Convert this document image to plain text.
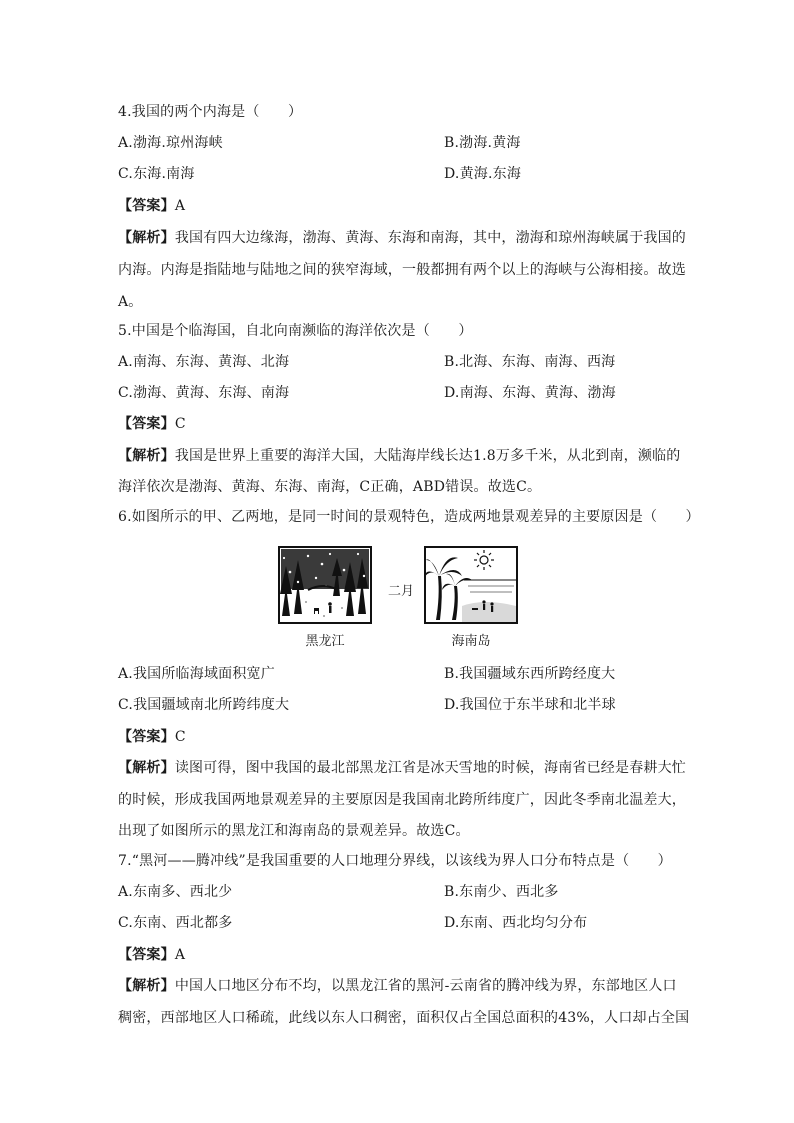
4.我国的两个内海是（　　）
A.渤海.琼州海峡	B.渤海.黄海
C.东海.南海	D.黄海.东海
【答案】A
【解析】我国有四大边缘海，渤海、黄海、东海和南海，其中，渤海和琼州海峡属于我国的
内海。内海是指陆地与陆地之间的狭窄海域，一般都拥有两个以上的海峡与公海相接。故选
A。
5.中国是个临海国，自北向南濒临的海洋依次是（　　）
A.南海、东海、黄海、北海	B.北海、东海、南海、西海
C.渤海、黄海、东海、南海	D.南海、东海、黄海、渤海
【答案】C
【解析】我国是世界上重要的海洋大国，大陆海岸线长达1.8万多千米，从北到南，濒临的
海洋依次是渤海、黄海、东海、南海，C正确，ABD错误。故选C。
6.如图所示的甲、乙两地，是同一时间的景观特色，造成两地景观差异的主要原因是（　　）
二月
黑龙江	海南岛
A.我国所临海域面积宽广	B.我国疆域东西所跨经度大
C.我国疆域南北所跨纬度大	D.我国位于东半球和北半球
【答案】C
【解析】读图可得，图中我国的最北部黑龙江省是冰天雪地的时候，海南省已经是春耕大忙
的时候，形成我国两地景观差异的主要原因是我国南北跨所纬度广，因此冬季南北温差大，
出现了如图所示的黑龙江和海南岛的景观差异。故选C。
7.“黑河——腾冲线”是我国重要的人口地理分界线，以该线为界人口分布特点是（　　）
A.东南多、西北少	B.东南少、西北多
C.东南、西北都多	D.东南、西北均匀分布
【答案】A
【解析】中国人口地区分布不均，以黑龙江省的黑河-云南省的腾冲线为界，东部地区人口
稠密，西部地区人口稀疏，此线以东人口稠密，面积仅占全国总面积的43%，人口却占全国
